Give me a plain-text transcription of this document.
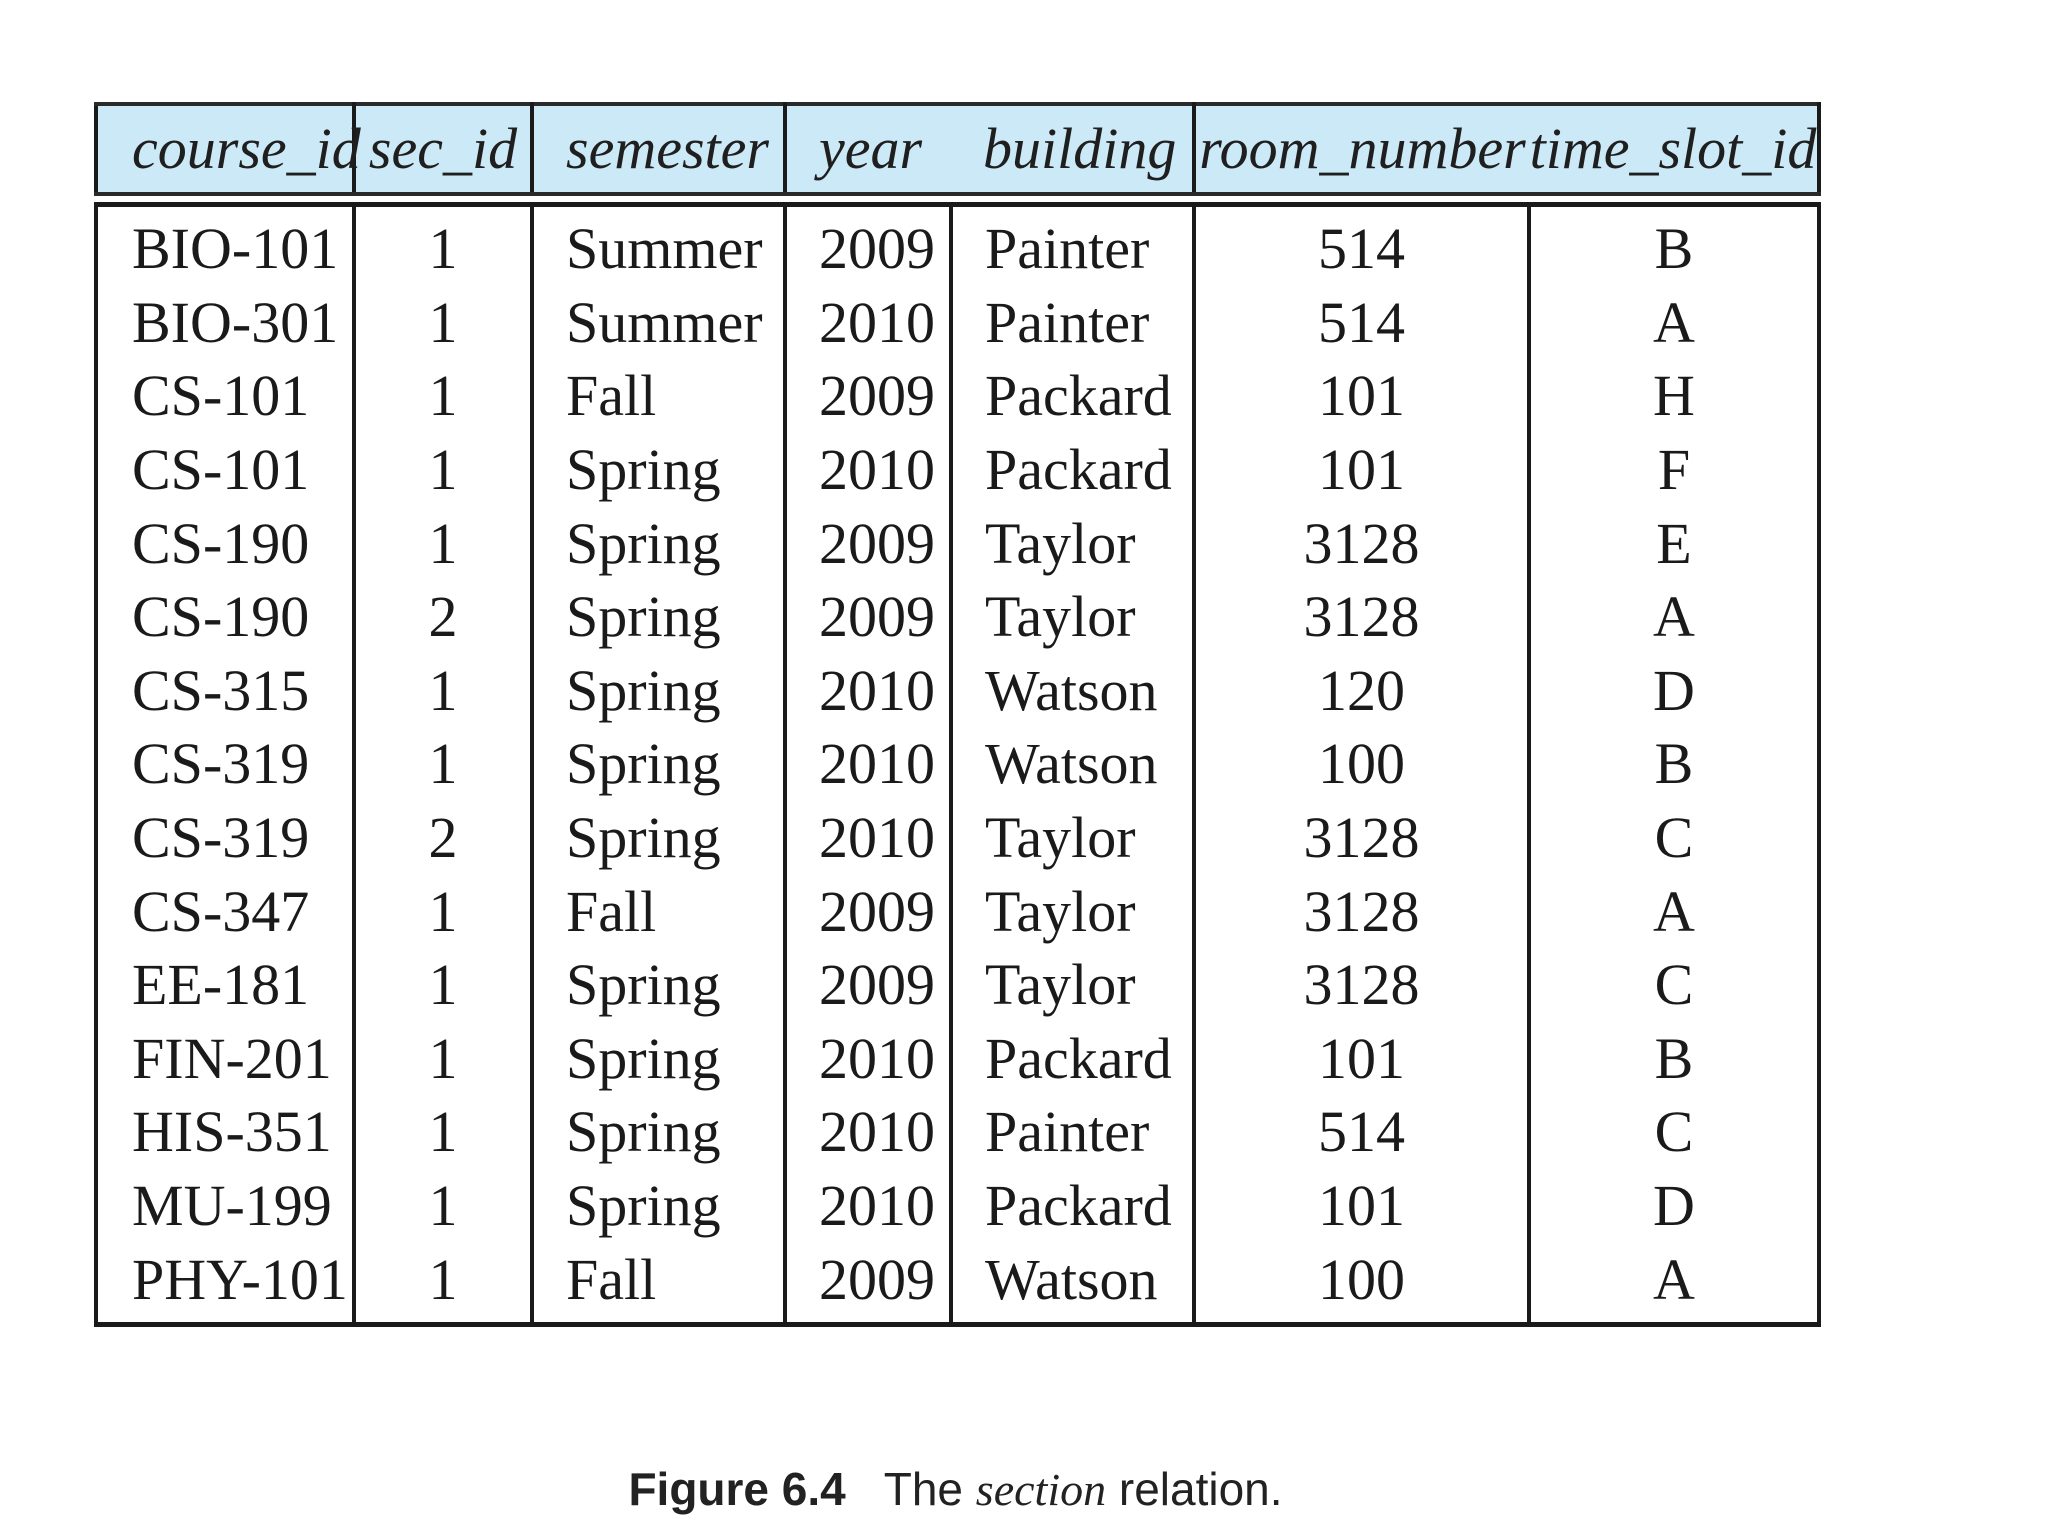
course_id	sec_id	semester	year	building	room_number	time_slot_id

BIO-101	1	Summer	2009	Painter	514	B
BIO-301	1	Summer	2010	Painter	514	A
CS-101	1	Fall	2009	Packard	101	H
CS-101	1	Spring	2010	Packard	101	F
CS-190	1	Spring	2009	Taylor	3128	E
CS-190	2	Spring	2009	Taylor	3128	A
CS-315	1	Spring	2010	Watson	120	D
CS-319	1	Spring	2010	Watson	100	B
CS-319	2	Spring	2010	Taylor	3128	C
CS-347	1	Fall	2009	Taylor	3128	A
EE-181	1	Spring	2009	Taylor	3128	C
FIN-201	1	Spring	2010	Packard	101	B
HIS-351	1	Spring	2010	Painter	514	C
MU-199	1	Spring	2010	Packard	101	D
PHY-101	1	Fall	2009	Watson	100	A
Figure 6.4 The section relation.
